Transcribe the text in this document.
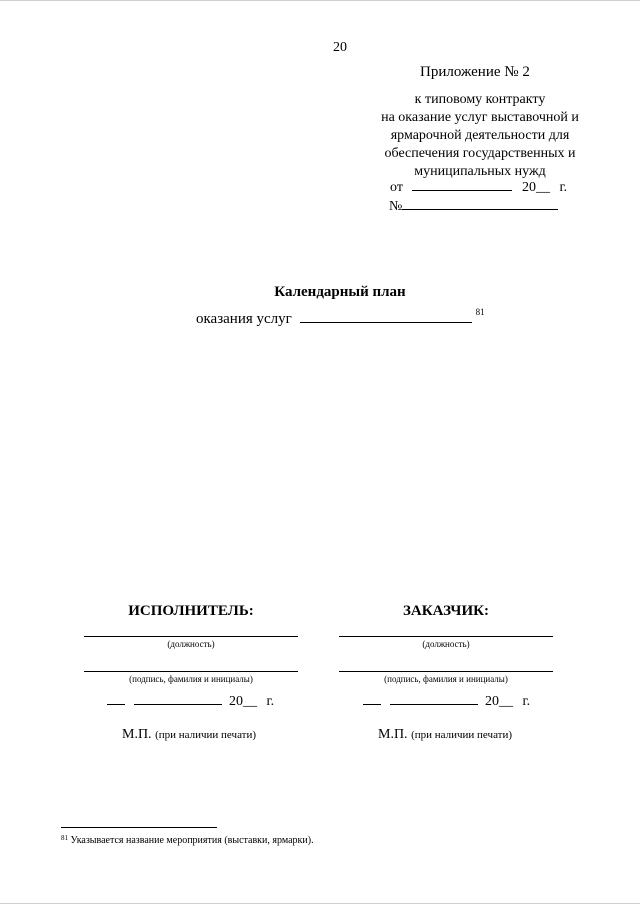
20
Приложение № 2
к типовому контракту
на оказание услуг выставочной и
ярмарочной деятельности для
обеспечения государственных и
муниципальных нужд
от	20__ г.
№
Календарный план
оказания услуг	$^{81}$
ИСПОЛНИТЕЛЬ:
(должность)
(подпись, фамилия и инициалы)
20__ г.
М.П. (при наличии печати)
ЗАКАЗЧИК:
(должность)
(подпись, фамилия и инициалы)
20__ г.
М.П. (при наличии печати)
$^{81}$ Указывается название мероприятия (выставки, ярмарки).
